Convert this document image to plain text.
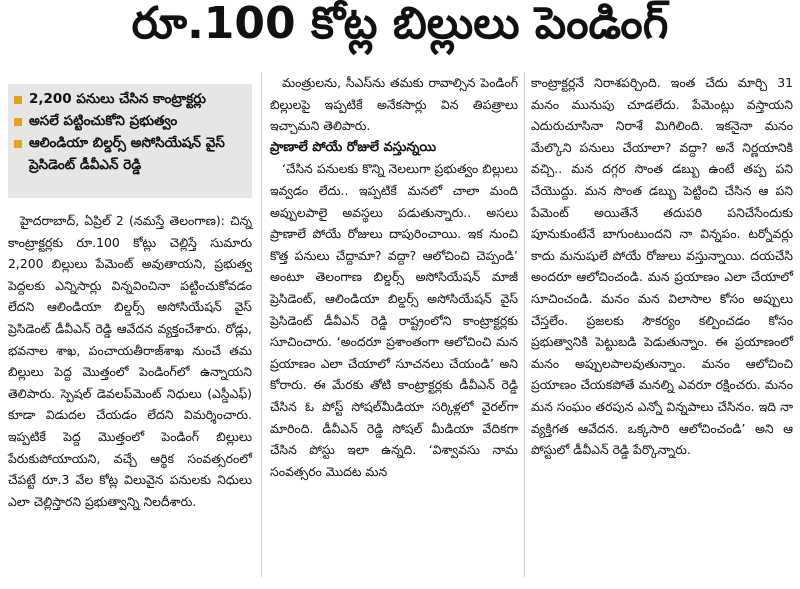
రూ.100 కోట్ల బిల్లులు పెండింగ్
2,200 పనులు చేసిన కాంట్రాక్టర్లు
అసలే పట్టించుకోని ప్రభుత్వం
ఆలిండియా బిల్డర్స్ అసోసియేషన్ వైస్ ప్రెసిడెంట్ డీవీఎన్ రెడ్డి

హైదరాబాద్, ఏప్రిల్ 2 (నమస్తే తెలంగాణ): చిన్న కాంట్రాక్టర్లకు రూ.100 కోట్లు చెల్లిస్తే సుమారు 2,200 బిల్లులు పేమెంట్ అవుతాయని, ప్రభుత్వ పెద్దలకు ఎన్నిసార్లు విన్నవించినా పట్టించుకోవడం లేదని ఆలిండియా బిల్డర్స్ అసోసియేషన్ వైస్ ప్రెసిడెంట్ డీవీఎన్ రెడ్డి ఆవేదన వ్యక్తంచేశారు. రోడ్లు, భవనాల శాఖ, పంచాయతీరాజ్‌శాఖ నుంచే తమ బిల్లులు పెద్ద మొత్తంలో పెండింగ్‌లో ఉన్నాయని తెలిపారు. స్పెషల్ డెవలప్‌మెంట్ నిధులు (ఎస్డీఎఫ్) కూడా విడుదల చేయడం లేదని విమర్శించారు. ఇప్పటికే పెద్ద మొత్తంలో పెండింగ్ బిల్లులు పేరుకుపోయాయని, వచ్చే ఆర్థిక సంవత్సరంలో చేపట్టే రూ.3 వేల కోట్ల విలువైన పనులకు నిధులు ఎలా చెల్లిస్తారని ప్రభుత్వాన్ని నిలదీశారు.

మంత్రులను, సీఎస్‌ను తమకు రావాల్సిన పెండింగ్ బిల్లులపై ఇప్పటికే అనేకసార్లు విన తిపత్రాలు ఇచ్చామని తెలిపారు.

ప్రాణాలే పోయే రోజులే వస్తున్నయి

‘చేసిన పనులకు కొన్ని నెలలుగా ప్రభుత్వం బిల్లులు ఇవ్వడం లేదు.. ఇప్పటికే మనలో చాలా మంది అప్పులపాలై అవస్థలు పడుతున్నారు.. అసలు ప్రాణాలే పోయే రోజులు దాపురించాయి. ఇక నుంచి కొత్త పనులు చేద్దామా? వద్దా? ఆలోచించి చెప్పండి’ అంటూ తెలంగాణ బిల్డర్స్ అసోసియేషన్ మాజీ ప్రెసిడెంట్, ఆలిండియా బిల్డర్స్ అసోసియేషన్ వైస్ ప్రెసిడెంట్ డీవీఎన్ రెడ్డి రాష్ట్రంలోని కాంట్రాక్టర్లకు సూచించారు. ‘అందరూ ప్రశాంతంగా ఆలోచించి మన ప్రయాణం ఎలా చేయాలో సూచనలు చేయండి’ అని కోరారు. ఈ మేరకు తోటి కాంట్రాక్టర్లకు డీవీఎన్ రెడ్డి చేసిన ఓ పోస్ట్ సోషల్‌మీడియా సర్కిళ్లలో వైరల్‌గా మారింది. డీవీఎన్ రెడ్డి సోషల్ మీడియా వేదికగా చేసిన పోస్టు ఇలా ఉన్నది. ‘విశ్వావసు నామ సంవత్సరం మొదట మన

కాంట్రాక్టర్లనే నిరాశపర్చింది. ఇంత చేదు మార్చి 31 మనం మునుపు చూడలేదు. పేమెంట్లు వస్తాయని ఎదురుచూసినా నిరాశే మిగిలింది. ఇకనైనా మనం మేల్కొని పనులు చేయాలా? వద్దా? అనే నిర్ణయానికి వచ్చి.. మన దగ్గర సొంత డబ్బు ఉంటే తప్ప పని చేయొద్దు. మన సొంత డబ్బు పెట్టించి చేసిన ఆ పని పేమెంట్ అయితేనే తదుపరి పనిచేసేందుకు పూనుకుంటేనే బాగుంటుందని నా విన్నపం. టర్నోవర్లు కాదు మనుషులే పోయే రోజులు వస్తున్నాయి. దయచేసి అందరూ ఆలోచించండి. మన ప్రయాణం ఎలా చేయాలో సూచించండి. మనం మన విలాసాల కోసం అప్పులు చేస్తలేం. ప్రజలకు సౌకర్యం కల్పించడం కోసం ప్రభుత్వానికి పెట్టుబడి పెడుతున్నాం. ఈ ప్రయాణంలో మనం అప్పులపాలవుతున్నాం. మనం ఆలోచించి ప్రయాణం చేయకపోతే మనల్ని ఎవరూ రక్షించరు. మనం మన సంఘం తరపున ఎన్నో విన్నపాలు చేసినం. ఇది నా వ్యక్తిగత ఆవేదన. ఒక్కసారి ఆలోచించండి’ అని ఆ పోస్టులో డీవీఎన్ రెడ్డి పేర్కొన్నారు.
